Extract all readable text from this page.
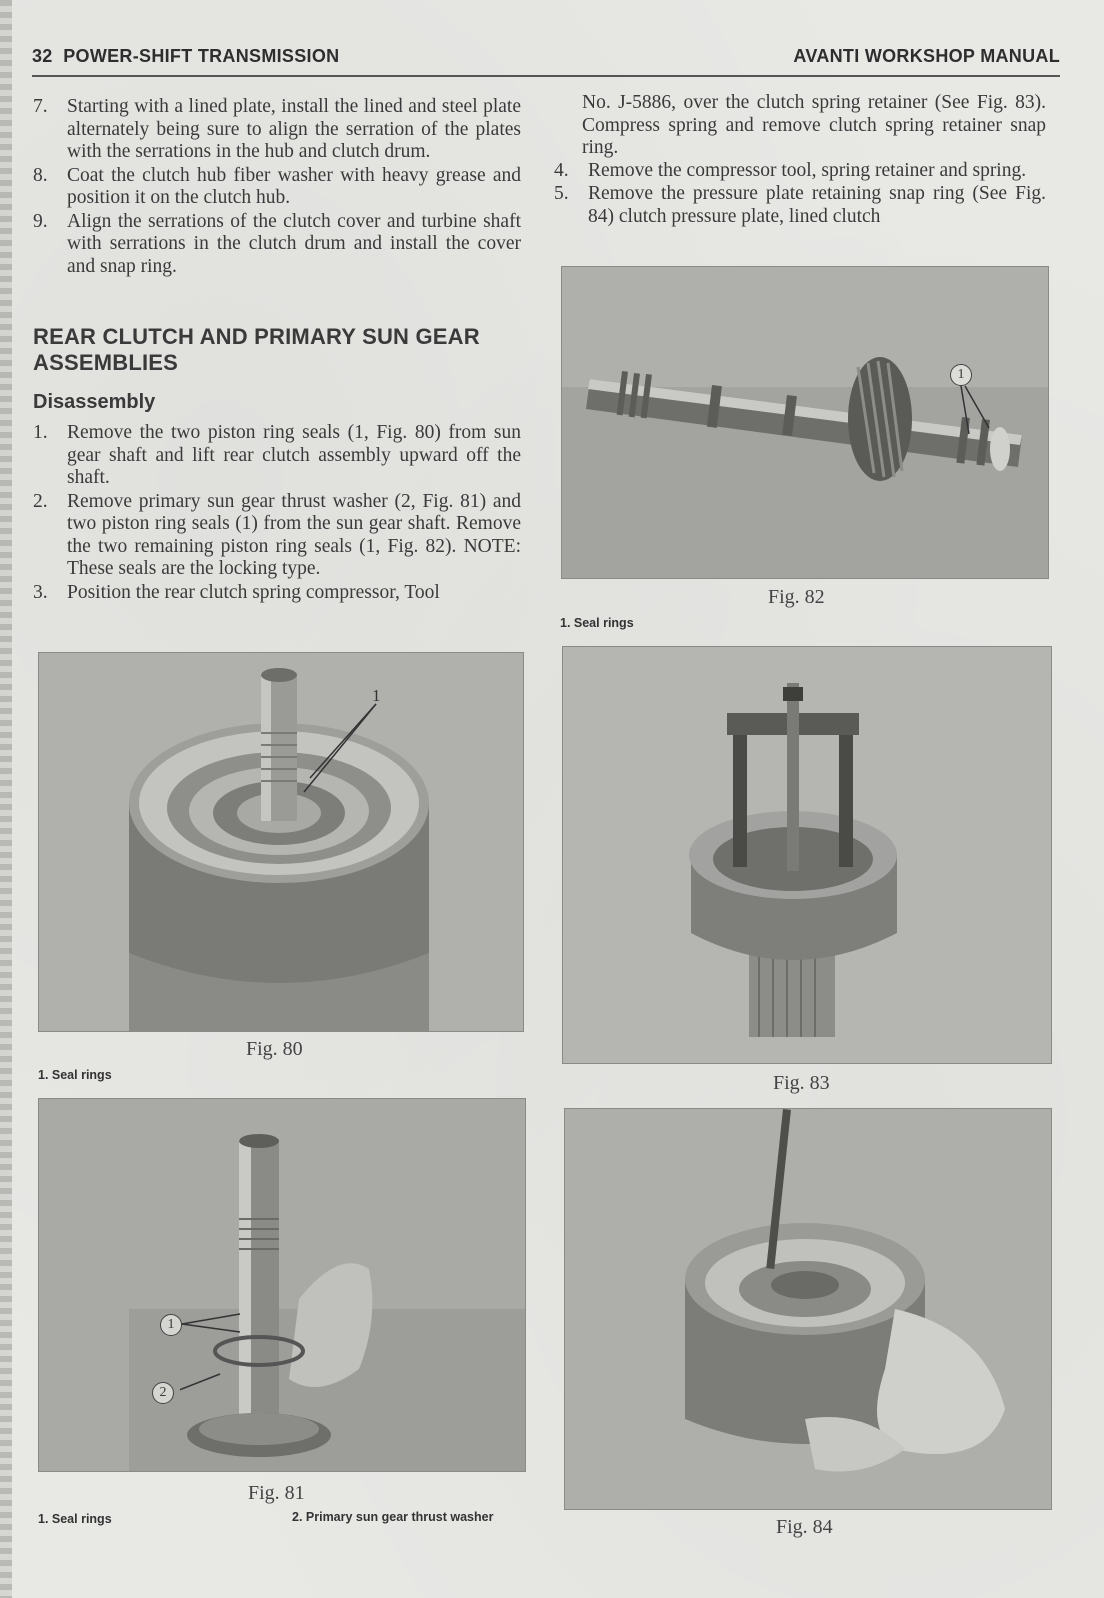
32 POWER-SHIFT TRANSMISSION	AVANTI WORKSHOP MANUAL
7. Starting with a lined plate, install the lined and steel plate alternately being sure to align the serration of the plates with the serrations in the hub and clutch drum.
8. Coat the clutch hub fiber washer with heavy grease and position it on the clutch hub.
9. Align the serrations of the clutch cover and turbine shaft with serrations in the clutch drum and install the cover and snap ring.
REAR CLUTCH AND PRIMARY SUN GEAR ASSEMBLIES
Disassembly
1. Remove the two piston ring seals (1, Fig. 80) from sun gear shaft and lift rear clutch assembly upward off the shaft.
2. Remove primary sun gear thrust washer (2, Fig. 81) and two piston ring seals (1) from the sun gear shaft. Remove the two remaining piston ring seals (1, Fig. 82). NOTE: These seals are the locking type.
3. Position the rear clutch spring compressor, Tool

No. J-5886, over the clutch spring retainer (See Fig. 83). Compress spring and remove clutch spring retainer snap ring.

4. Remove the compressor tool, spring retainer and spring.
5. Remove the pressure plate retaining snap ring (See Fig. 84) clutch pressure plate, lined clutch
1
Fig. 82
1. Seal rings
1
Fig. 80
1. Seal rings	Fig. 83
1
2
Fig. 81
1. Seal rings	2. Primary sun gear thrust washer	Fig. 84
